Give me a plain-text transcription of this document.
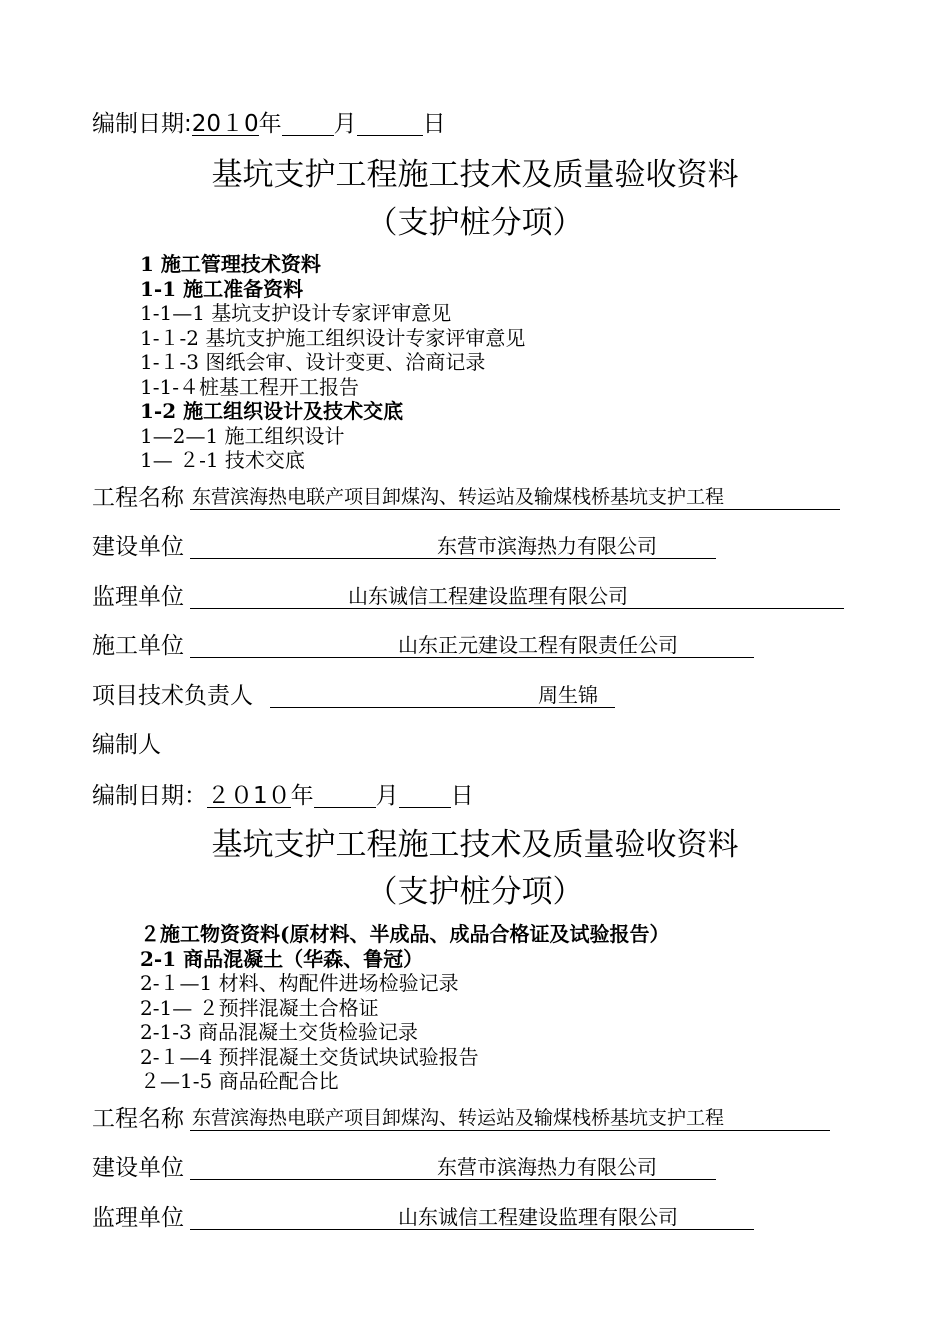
编制日期:20１0年 月	日
基坑支护工程施工技术及质量验收资料
（支护桩分项）
1 施工管理技术资料
1-1 施工准备资料
1-1—1 基坑支护设计专家评审意见
1-１-2 基坑支护施工组织设计专家评审意见
1-１-3 图纸会审、设计变更、洽商记录
1-1-４桩基工程开工报告
1-2 施工组织设计及技术交底
1—2—1 施工组织设计
1— ２-1 技术交底
工程名称 东营滨海热电联产项目卸煤沟、转运站及输煤栈桥基坑支护工程
建设单位	东营市滨海热力有限公司
监理单位	山东诚信工程建设监理有限公司
施工单位	山东正元建设工程有限责任公司
项目技术负责人	周生锦
编制人
编制日期：２０1０年	月 日
基坑支护工程施工技术及质量验收资料
（支护桩分项）
２施工物资资料(原材料、半成品、成品合格证及试验报告）
2-1 商品混凝土（华森、鲁冠）
2-１—1 材料、构配件进场检验记录
2-1— ２预拌混凝土合格证
2-1-3 商品混凝土交货检验记录
2-１—4 预拌混凝土交货试块试验报告
２—1-5 商品砼配合比
工程名称 东营滨海热电联产项目卸煤沟、转运站及输煤栈桥基坑支护工程
建设单位	东营市滨海热力有限公司
监理单位	山东诚信工程建设监理有限公司
